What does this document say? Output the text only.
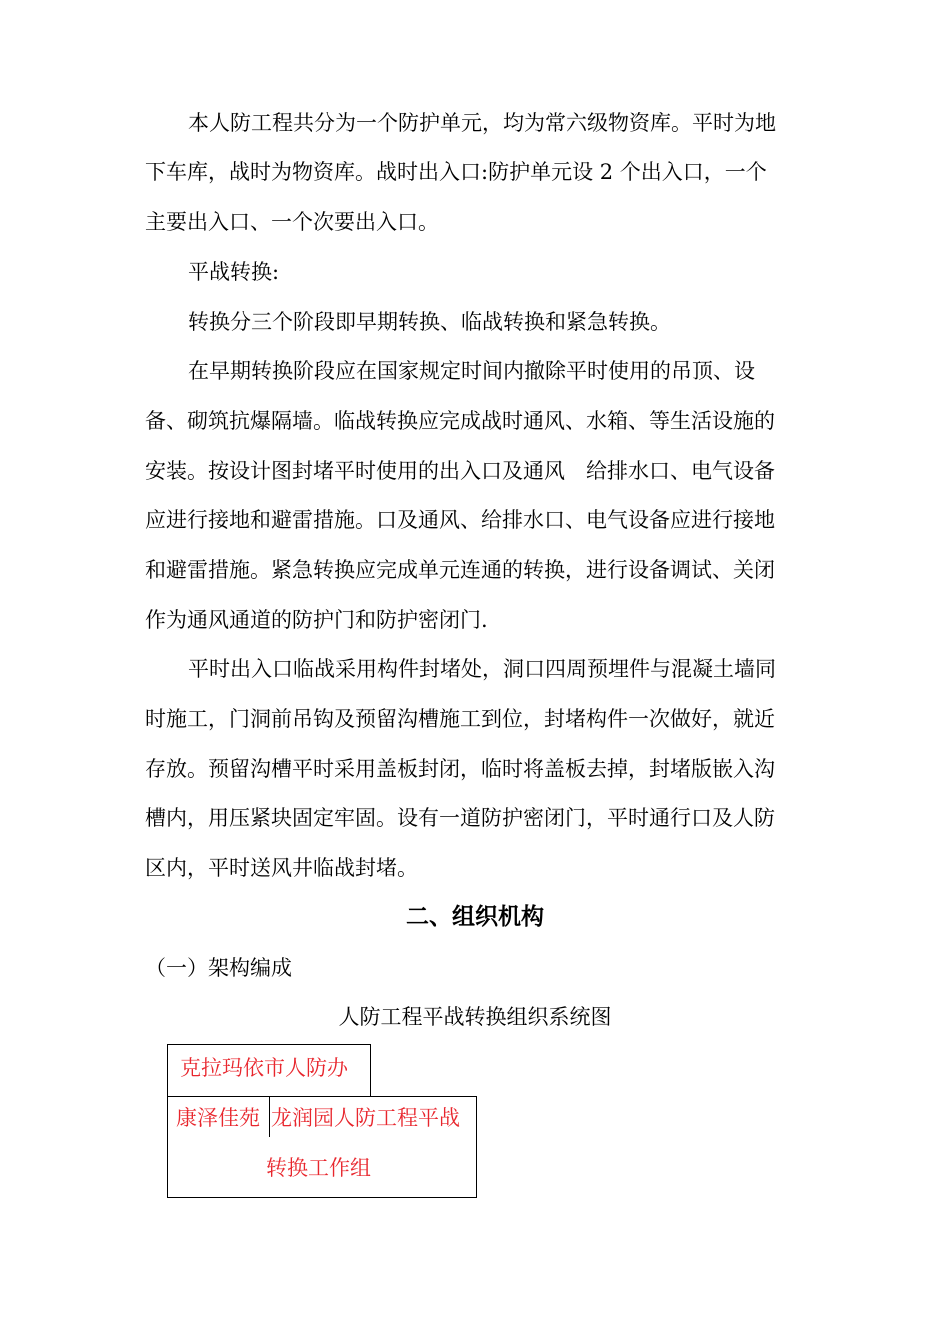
本人防工程共分为一个防护单元，均为常六级物资库。平时为地
下车库，战时为物资库。战时出入口:防护单元设 2 个出入口，一个
主要出入口、一个次要出入口。
平战转换:
转换分三个阶段即早期转换、临战转换和紧急转换。
在早期转换阶段应在国家规定时间内撤除平时使用的吊顶、设
备、砌筑抗爆隔墙。临战转换应完成战时通风、水箱、等生活设施的
安装。按设计图封堵平时使用的出入口及通风　给排水口、电气设备
应进行接地和避雷措施。口及通风、给排水口、电气设备应进行接地
和避雷措施。紧急转换应完成单元连通的转换，进行设备调试、关闭
作为通风通道的防护门和防护密闭门.
平时出入口临战采用构件封堵处，洞口四周预埋件与混凝土墙同
时施工，门洞前吊钩及预留沟槽施工到位，封堵构件一次做好，就近
存放。预留沟槽平时采用盖板封闭，临时将盖板去掉，封堵版嵌入沟
槽内，用压紧块固定牢固。设有一道防护密闭门，平时通行口及人防
区内，平时送风井临战封堵。
二、组织机构
（一）架构编成
人防工程平战转换组织系统图
克拉玛依市人防办
康泽佳苑 龙润园人防工程平战
转换工作组
